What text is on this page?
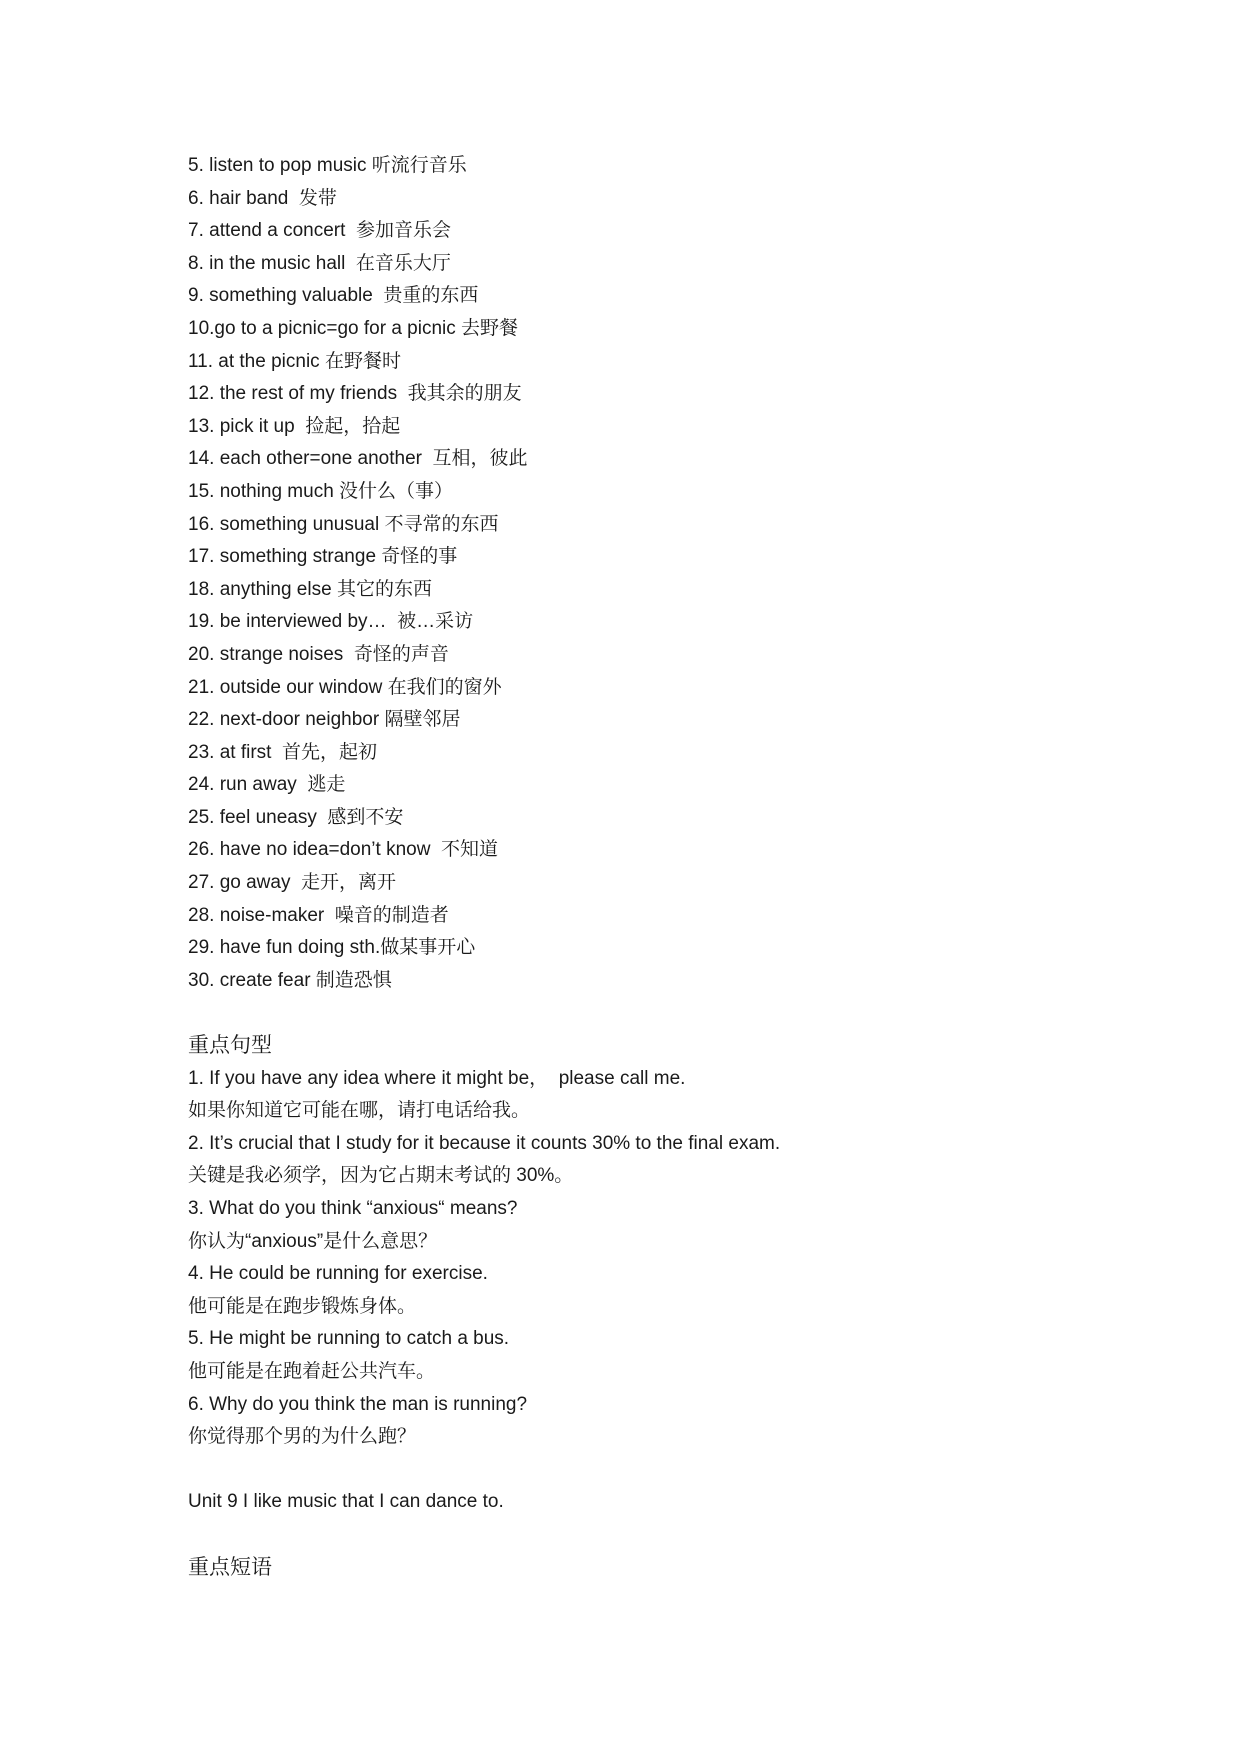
5. listen to pop music 听流行音乐
6. hair band  发带
7. attend a concert  参加音乐会
8. in the music hall  在音乐大厅
9. something valuable  贵重的东西
10.go to a picnic=go for a picnic 去野餐
11. at the picnic 在野餐时
12. the rest of my friends  我其余的朋友
13. pick it up  捡起，拾起
14. each other=one another  互相，彼此
15. nothing much 没什么（事）
16. something unusual 不寻常的东西
17. something strange 奇怪的事
18. anything else 其它的东西
19. be interviewed by…  被…采访
20. strange noises  奇怪的声音
21. outside our window 在我们的窗外
22. next-door neighbor 隔壁邻居
23. at first  首先，起初
24. run away  逃走
25. feel uneasy  感到不安
26. have no idea=don’t know  不知道
27. go away  走开，离开
28. noise-maker  噪音的制造者
29. have fun doing sth.做某事开心
30. create fear 制造恐惧
重点句型
1. If you have any idea where it might be，  please call me.
如果你知道它可能在哪，请打电话给我。
2. It’s crucial that I study for it because it counts 30% to the final exam.
关键是我必须学，因为它占期末考试的 30%。
3. What do you think “anxious“ means?
你认为“anxious”是什么意思？
4. He could be running for exercise.
他可能是在跑步锻炼身体。
5. He might be running to catch a bus.
他可能是在跑着赶公共汽车。
6. Why do you think the man is running?
你觉得那个男的为什么跑？
Unit 9 I like music that I can dance to.
重点短语
